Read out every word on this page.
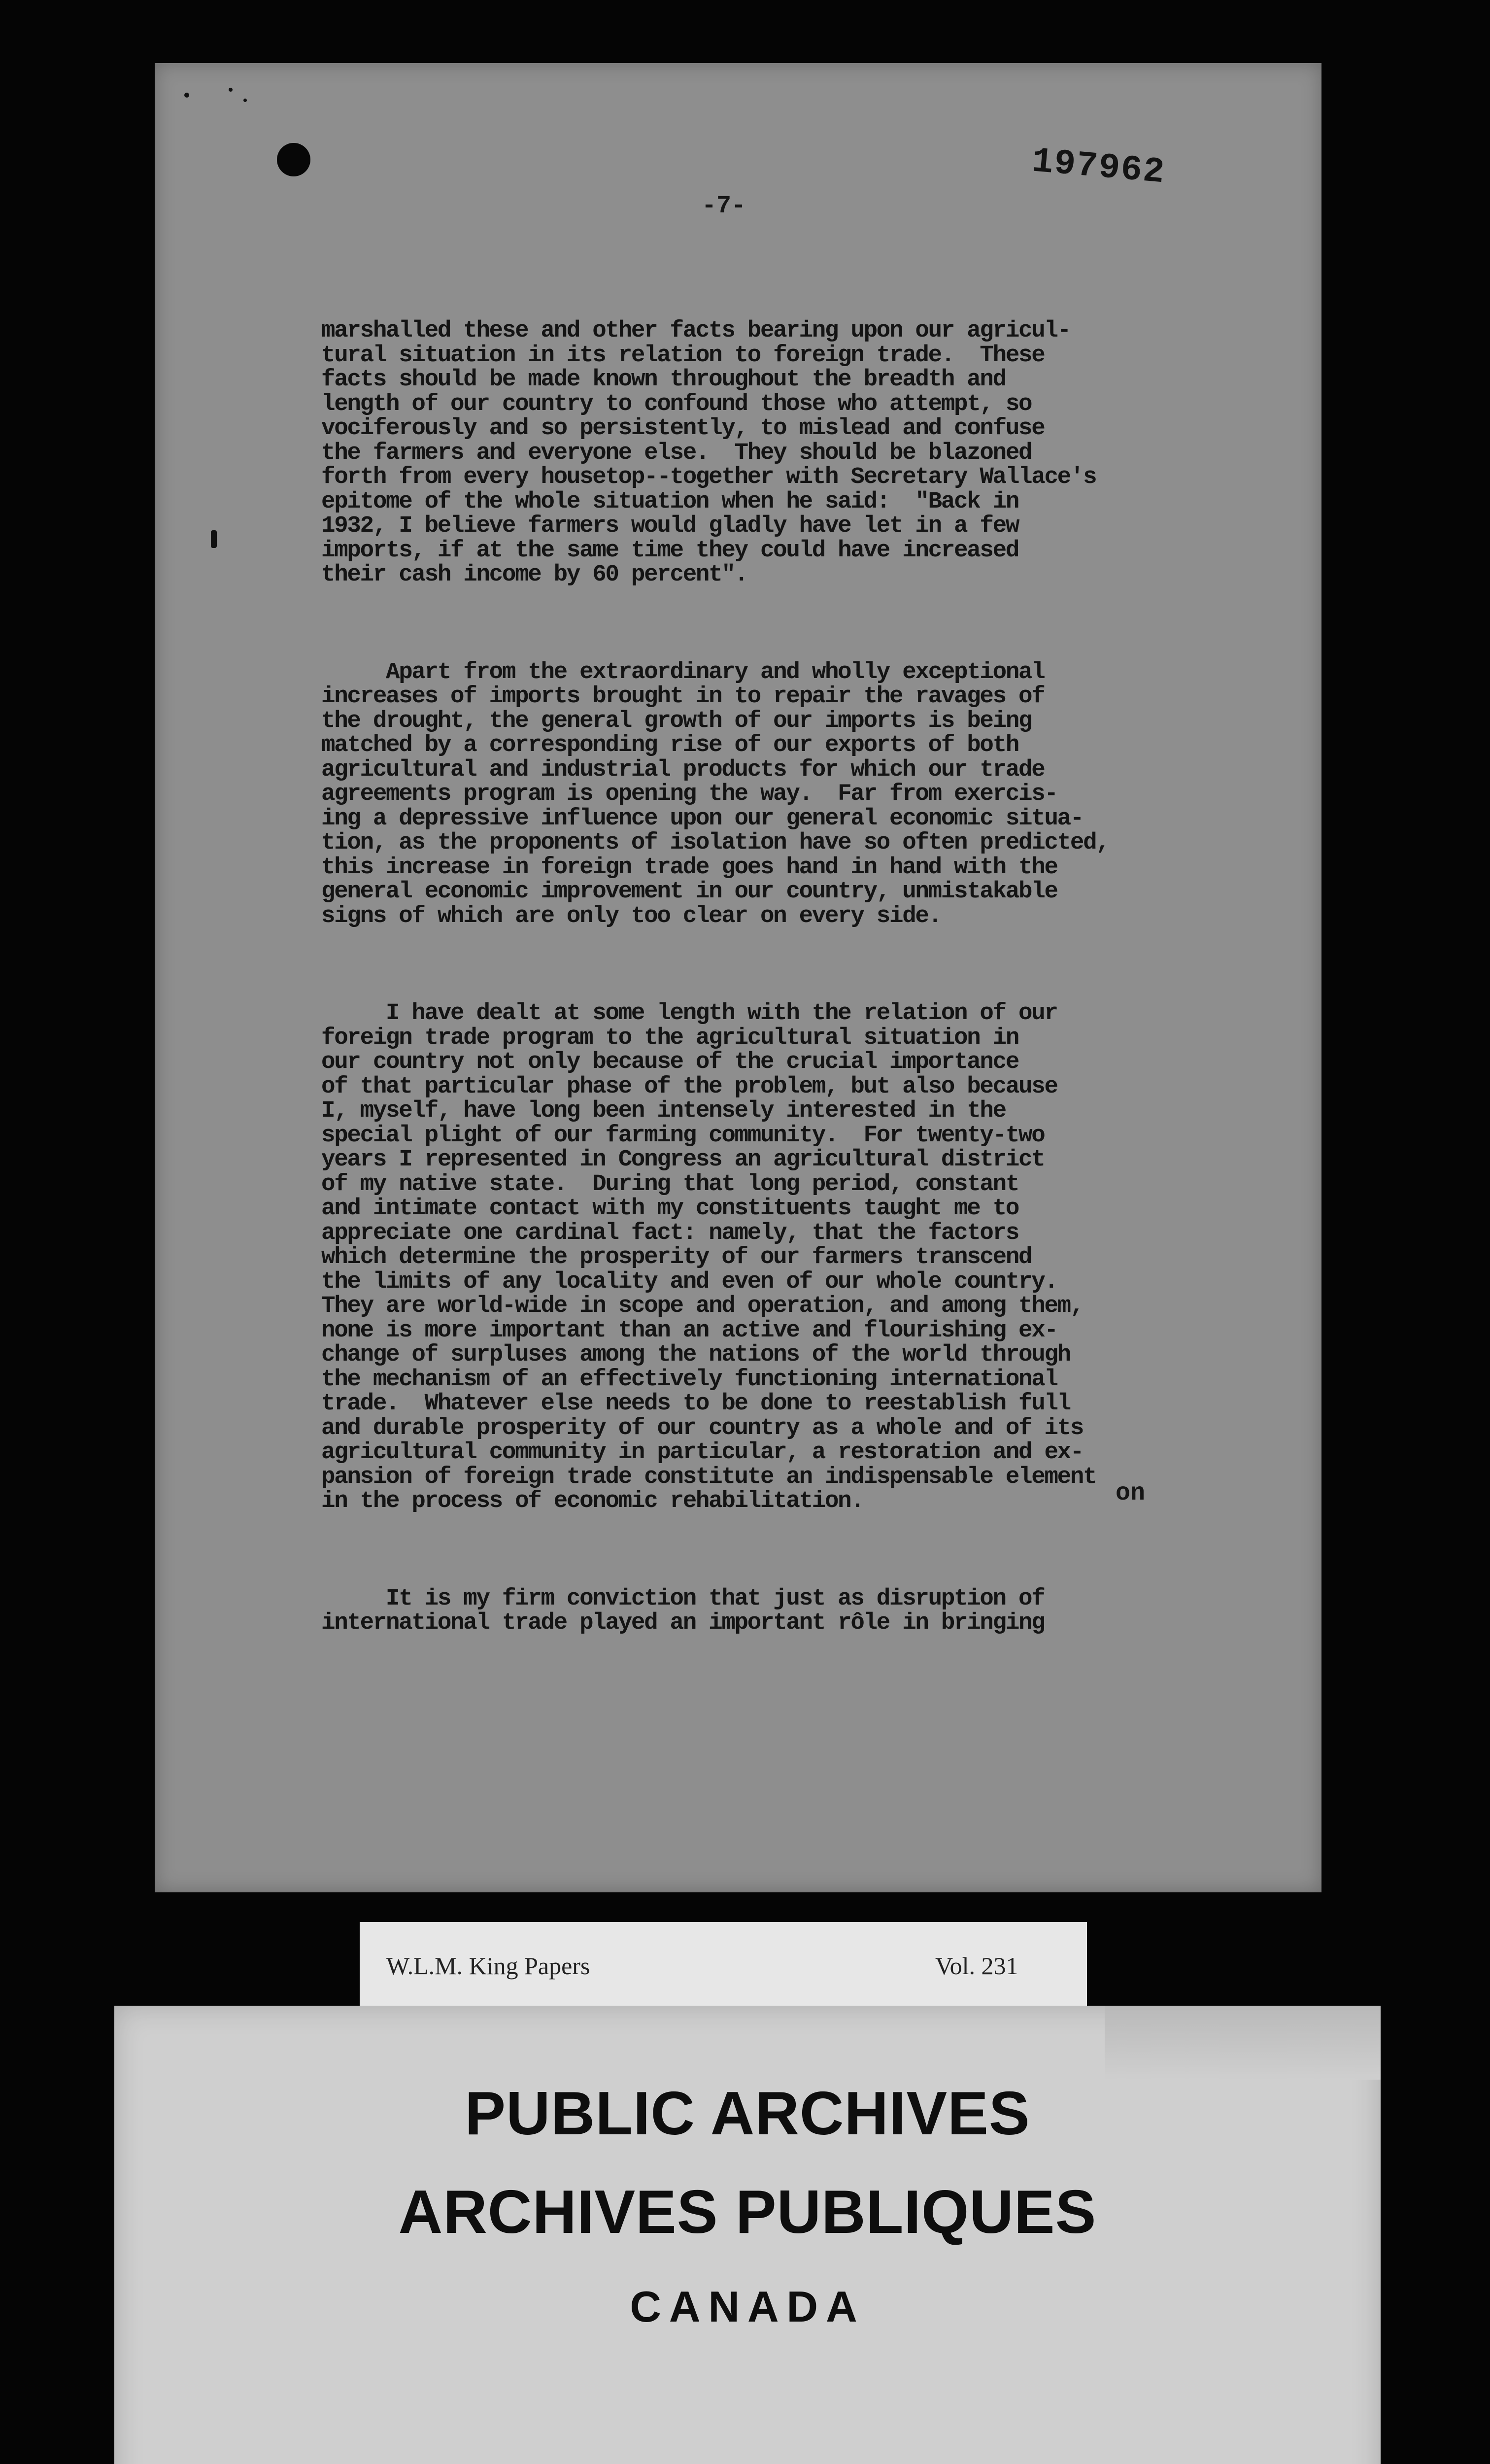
197962
-7-

marshalled these and other facts bearing upon our agricul-
tural situation in its relation to foreign trade.  These
facts should be made known throughout the breadth and
length of our country to confound those who attempt, so
vociferously and so persistently, to mislead and confuse
the farmers and everyone else.  They should be blazoned
forth from every housetop--together with Secretary Wallace's
epitome of the whole situation when he said:  "Back in
1932, I believe farmers would gladly have let in a few
imports, if at the same time they could have increased
their cash income by 60 percent".

Apart from the extraordinary and wholly exceptional
increases of imports brought in to repair the ravages of
the drought, the general growth of our imports is being
matched by a corresponding rise of our exports of both
agricultural and industrial products for which our trade
agreements program is opening the way.  Far from exercis-
ing a depressive influence upon our general economic situa-
tion, as the proponents of isolation have so often predicted,
this increase in foreign trade goes hand in hand with the
general economic improvement in our country, unmistakable
signs of which are only too clear on every side.

I have dealt at some length with the relation of our
foreign trade program to the agricultural situation in
our country not only because of the crucial importance
of that particular phase of the problem, but also because
I, myself, have long been intensely interested in the
special plight of our farming community.  For twenty-two
years I represented in Congress an agricultural district
of my native state.  During that long period, constant
and intimate contact with my constituents taught me to
appreciate one cardinal fact: namely, that the factors
which determine the prosperity of our farmers transcend
the limits of any locality and even of our whole country.
They are world-wide in scope and operation, and among them,
none is more important than an active and flourishing ex-
change of surpluses among the nations of the world through
the mechanism of an effectively functioning international
trade.  Whatever else needs to be done to reestablish full
and durable prosperity of our country as a whole and of its
agricultural community in particular, a restoration and ex-
pansion of foreign trade constitute an indispensable element
in the process of economic rehabilitation.

It is my firm conviction that just as disruption of
international trade played an important rôle in bringing

on
W.L.M. King Papers	Vol. 231
PUBLIC ARCHIVES
ARCHIVES PUBLIQUES
CANADA
